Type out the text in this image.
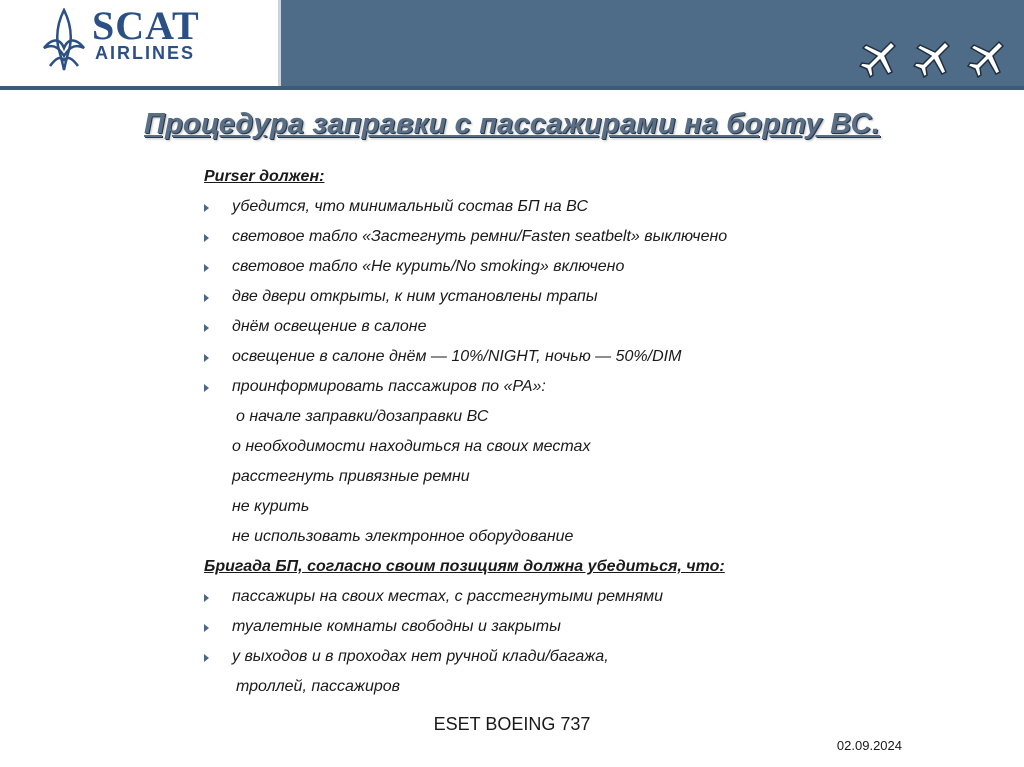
SCAT
AIRLINES
Процедура заправки с пассажирами на борту ВС.
Purser должен:
убедится, что минимальный состав БП на ВС
световое табло «Застегнуть ремни/Fasten seatbelt» выключено
световое табло «Не курить/No smoking» включено
две двери открыты, к ним установлены трапы
днём освещение в салоне
освещение в салоне днём — 10%/NIGHT, ночью — 50%/DIM
проинформировать пассажиров по «PA»:
о начале заправки/дозаправки ВС
о необходимости находиться на своих местах
расстегнуть привязные ремни
не курить
не использовать электронное оборудование
Бригада БП, согласно своим позициям должна убедиться, что:
пассажиры на своих местах, с расстегнутыми ремнями
туалетные комнаты свободны и закрыты
у выходов и в проходах нет ручной клади/багажа,
троллей, пассажиров
ESET BOEING 737
02.09.2024
